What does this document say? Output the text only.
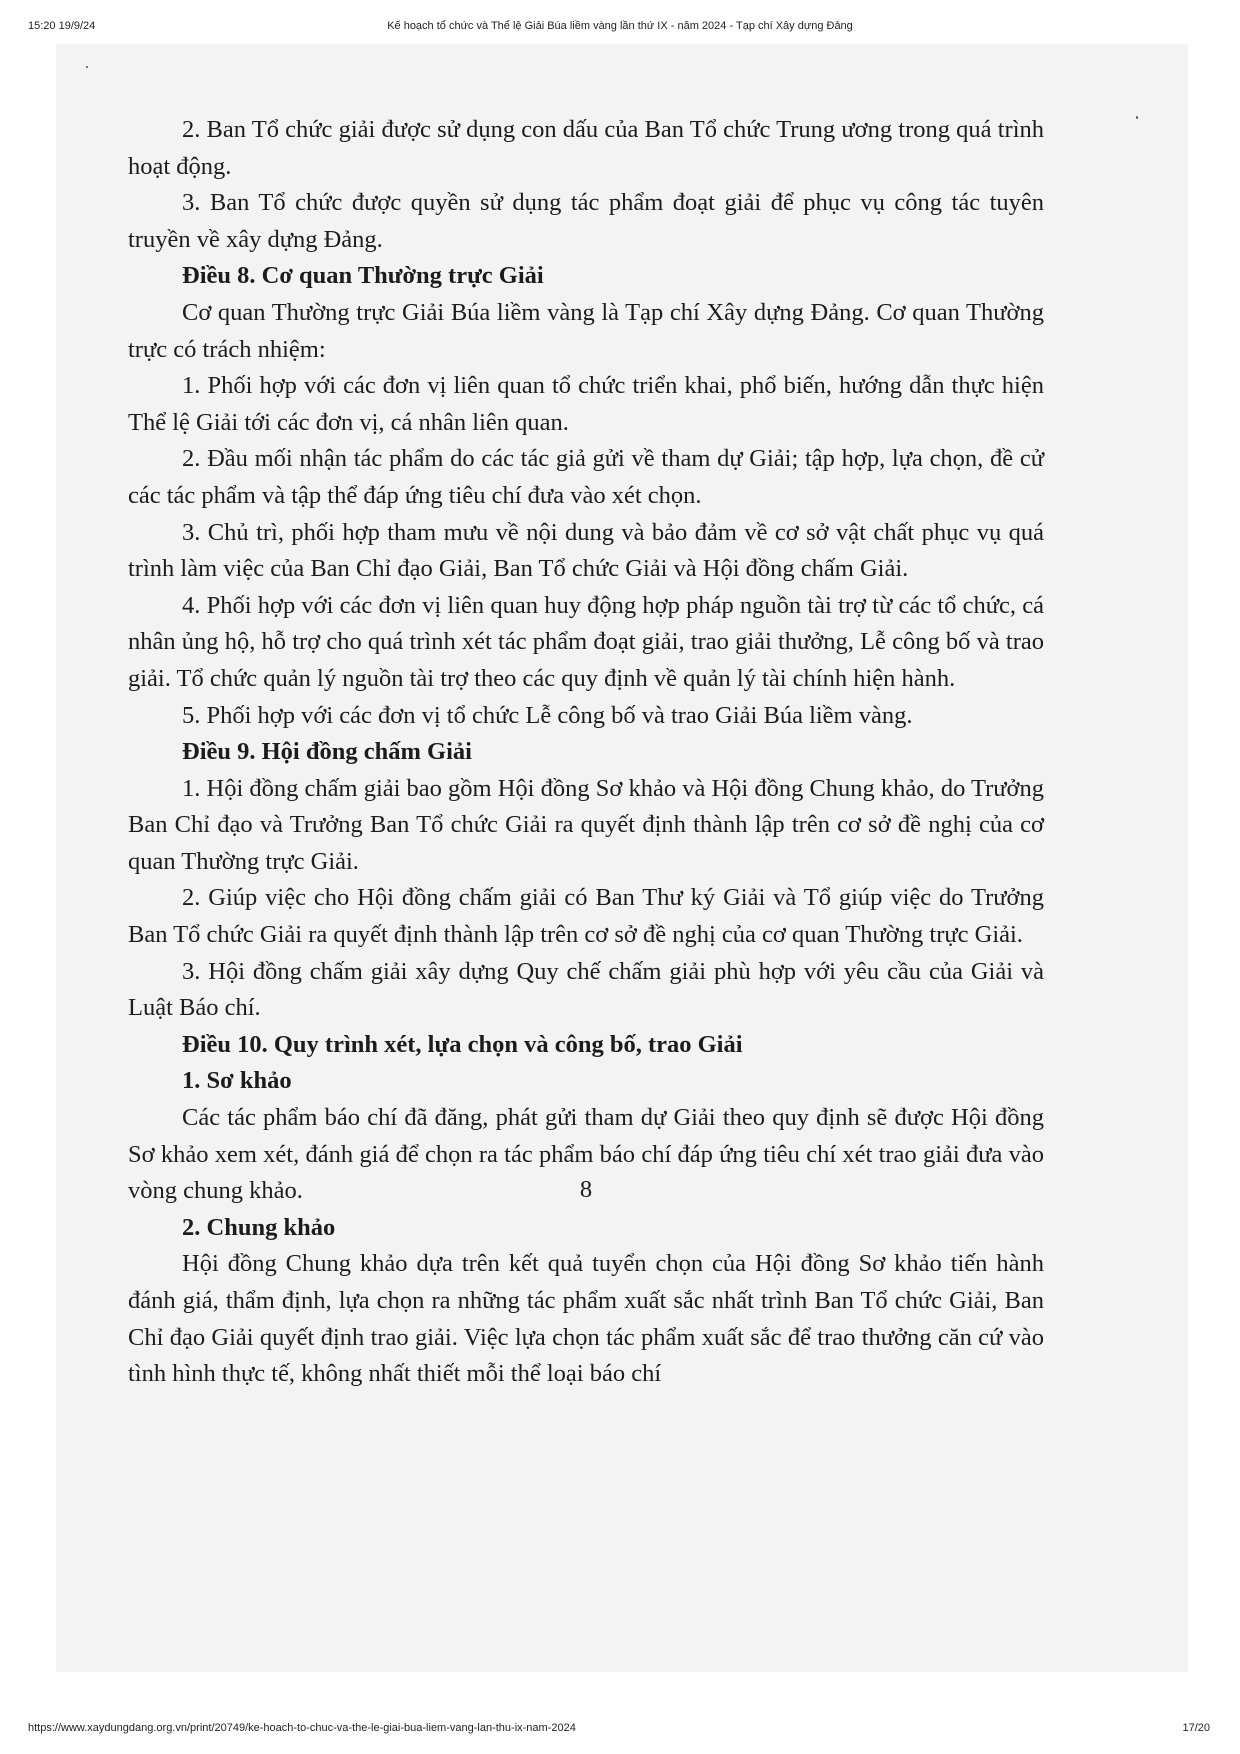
15:20 19/9/24	Kế hoạch tổ chức và Thể lệ Giải Búa liềm vàng lần thứ IX - năm 2024 - Tạp chí Xây dựng Đảng

2. Ban Tổ chức giải được sử dụng con dấu của Ban Tổ chức Trung ương trong quá trình hoạt động.

3. Ban Tổ chức được quyền sử dụng tác phẩm đoạt giải để phục vụ công tác tuyên truyền về xây dựng Đảng.

Điều 8. Cơ quan Thường trực Giải

Cơ quan Thường trực Giải Búa liềm vàng là Tạp chí Xây dựng Đảng. Cơ quan Thường trực có trách nhiệm:

1. Phối hợp với các đơn vị liên quan tổ chức triển khai, phổ biến, hướng dẫn thực hiện Thể lệ Giải tới các đơn vị, cá nhân liên quan.

2. Đầu mối nhận tác phẩm do các tác giả gửi về tham dự Giải; tập hợp, lựa chọn, đề cử các tác phẩm và tập thể đáp ứng tiêu chí đưa vào xét chọn.

3. Chủ trì, phối hợp tham mưu về nội dung và bảo đảm về cơ sở vật chất phục vụ quá trình làm việc của Ban Chỉ đạo Giải, Ban Tổ chức Giải và Hội đồng chấm Giải.

4. Phối hợp với các đơn vị liên quan huy động hợp pháp nguồn tài trợ từ các tổ chức, cá nhân ủng hộ, hỗ trợ cho quá trình xét tác phẩm đoạt giải, trao giải thưởng, Lễ công bố và trao giải. Tổ chức quản lý nguồn tài trợ theo các quy định về quản lý tài chính hiện hành.

5. Phối hợp với các đơn vị tổ chức Lễ công bố và trao Giải Búa liềm vàng.

Điều 9. Hội đồng chấm Giải

1. Hội đồng chấm giải bao gồm Hội đồng Sơ khảo và Hội đồng Chung khảo, do Trưởng Ban Chỉ đạo và Trưởng Ban Tổ chức Giải ra quyết định thành lập trên cơ sở đề nghị của cơ quan Thường trực Giải.

2. Giúp việc cho Hội đồng chấm giải có Ban Thư ký Giải và Tổ giúp việc do Trưởng Ban Tổ chức Giải ra quyết định thành lập trên cơ sở đề nghị của cơ quan Thường trực Giải.

3. Hội đồng chấm giải xây dựng Quy chế chấm giải phù hợp với yêu cầu của Giải và Luật Báo chí.

Điều 10. Quy trình xét, lựa chọn và công bố, trao Giải

1. Sơ khảo

Các tác phẩm báo chí đã đăng, phát gửi tham dự Giải theo quy định sẽ được Hội đồng Sơ khảo xem xét, đánh giá để chọn ra tác phẩm báo chí đáp ứng tiêu chí xét trao giải đưa vào vòng chung khảo.

2. Chung khảo

Hội đồng Chung khảo dựa trên kết quả tuyển chọn của Hội đồng Sơ khảo tiến hành đánh giá, thẩm định, lựa chọn ra những tác phẩm xuất sắc nhất trình Ban Tổ chức Giải, Ban Chỉ đạo Giải quyết định trao giải. Việc lựa chọn tác phẩm xuất sắc để trao thưởng căn cứ vào tình hình thực tế, không nhất thiết mỗi thể loại báo chí

8
https://www.xaydungdang.org.vn/print/20749/ke-hoach-to-chuc-va-the-le-giai-bua-liem-vang-lan-thu-ix-nam-2024	17/20
